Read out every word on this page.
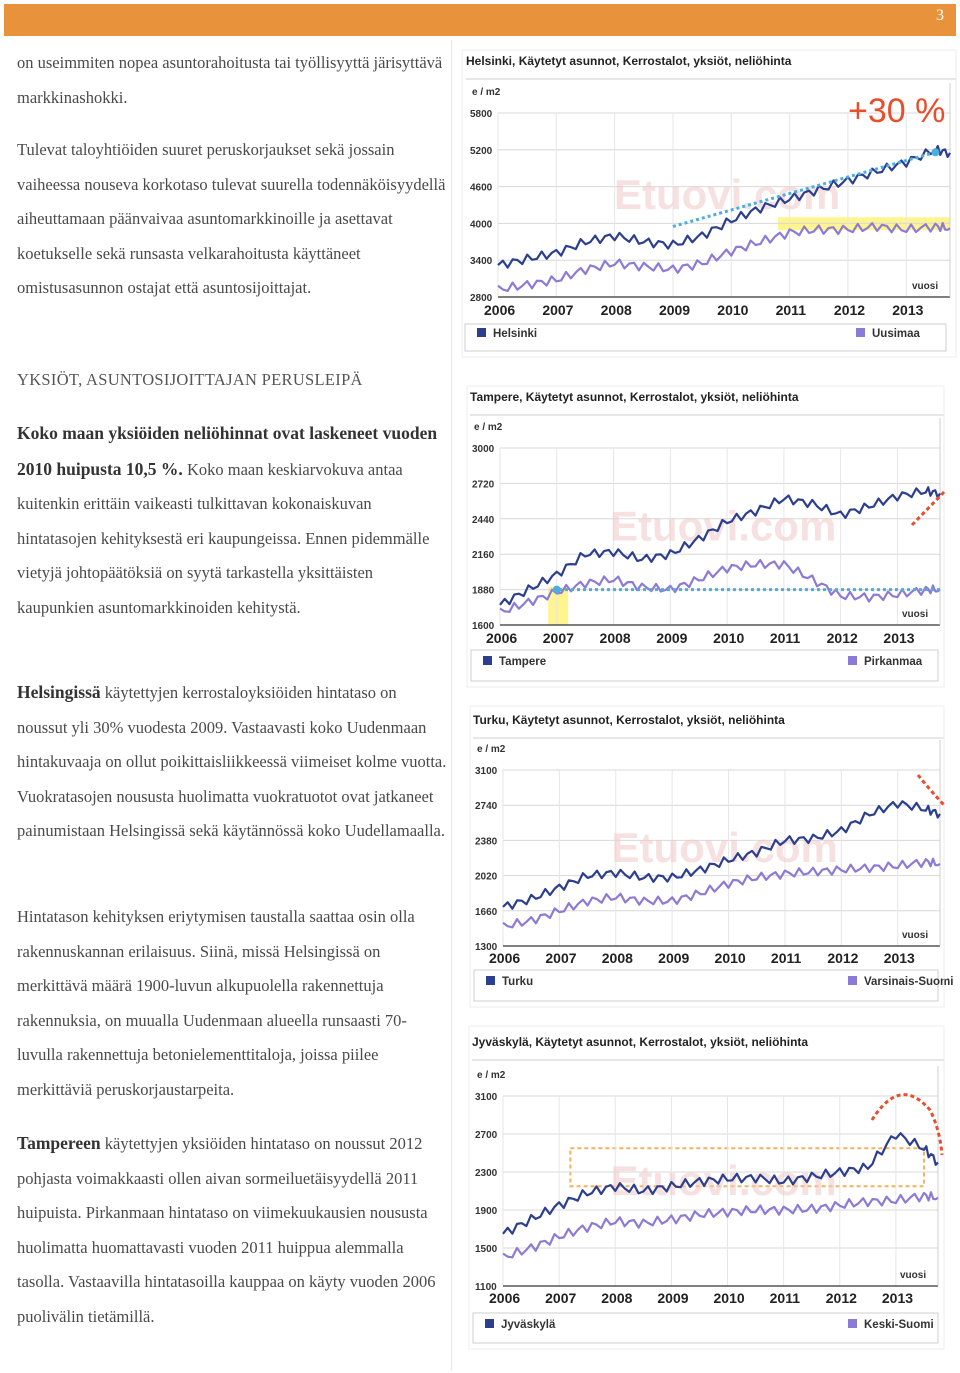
3

on useimmiten nopea asuntorahoitusta tai työllisyyttä järisyttävä markkinashokki.

Tulevat taloyhtiöiden suuret peruskorjaukset sekä jossain vaiheessa nouseva korkotaso tulevat suurella todennäköisyydellä aiheuttamaan päänvaivaa asuntomarkkinoille ja asettavat koetukselle sekä runsasta velkarahoitusta käyttäneet omistusasunnon ostajat että asuntosijoittajat.

YKSIÖT, ASUNTOSIJOITTAJAN PERUSLEIPÄ

Koko maan yksiöiden neliöhinnat ovat laskeneet vuoden 2010 huipusta 10,5 %. Koko maan keskiarvokuva antaa kuitenkin erittäin vaikeasti tulkittavan kokonaiskuvan hintatasojen kehityksestä eri kaupungeissa. Ennen pidemmälle vietyjä johtopäätöksiä on syytä tarkastella yksittäisten kaupunkien asuntomarkkinoiden kehitystä.

Helsingissä käytettyjen kerrostaloyksiöiden hintataso on noussut yli 30% vuodesta 2009. Vastaavasti koko Uudenmaan hintakuvaaja on ollut poikittaisliikkeessä viimeiset kolme vuotta. Vuokratasojen noususta huolimatta vuokratuotot ovat jatkaneet painumistaan Helsingissä sekä käytännössä koko Uudellamaalla.

Hintatason kehityksen eriytymisen taustalla saattaa osin olla rakennuskannan erilaisuus. Siinä, missä Helsingissä on merkittävä määrä 1900-luvun alkupuolella rakennettuja rakennuksia, on muualla Uudenmaan alueella runsaasti 70-luvulla rakennettuja betonielementtitaloja, joissa piilee merkittäviä peruskorjaustarpeita.

Tampereen käytettyjen yksiöiden hintataso on noussut 2012 pohjasta voimakkaasti ollen aivan sormeiluetäisyydellä 2011 huipuista. Pirkanmaan hintataso on viimekuukausien noususta huolimatta huomattavasti vuoden 2011 huippua alemmalla tasolla. Vastaavilla hintatasoilla kauppaa on käyty vuoden 2006 puolivälin tietämillä.

Helsinki, Käytetyt asunnot, Kerrostalot, yksiöt, neliöhinta
e / m2
5800
5200
4600
4000
3400
2800
2006 2007 2008 2009 2010 2011 2012 2013
vuosi
Etuovi.com
Helsinki	Uusimaa
+30 %
Tampere, Käytetyt asunnot, Kerrostalot, yksiöt, neliöhinta
e / m2
3000
2720
2440
2160
1880
1600
2006 2007 2008 2009 2010 2011 2012 2013
vuosi
Etuovi.com
Tampere	Pirkanmaa
Turku, Käytetyt asunnot, Kerrostalot, yksiöt, neliöhinta
e / m2
3100
2740
2380
2020
1660
1300
2006 2007 2008 2009 2010 2011 2012 2013
vuosi
Etuovi.com
Turku	Varsinais-Suomi
Jyväskylä, Käytetyt asunnot, Kerrostalot, yksiöt, neliöhinta
e / m2
3100
2700
2300
1900
1500
1100
2006 2007 2008 2009 2010 2011 2012 2013
vuosi
Etuovi.com
Jyväskylä	Keski-Suomi
